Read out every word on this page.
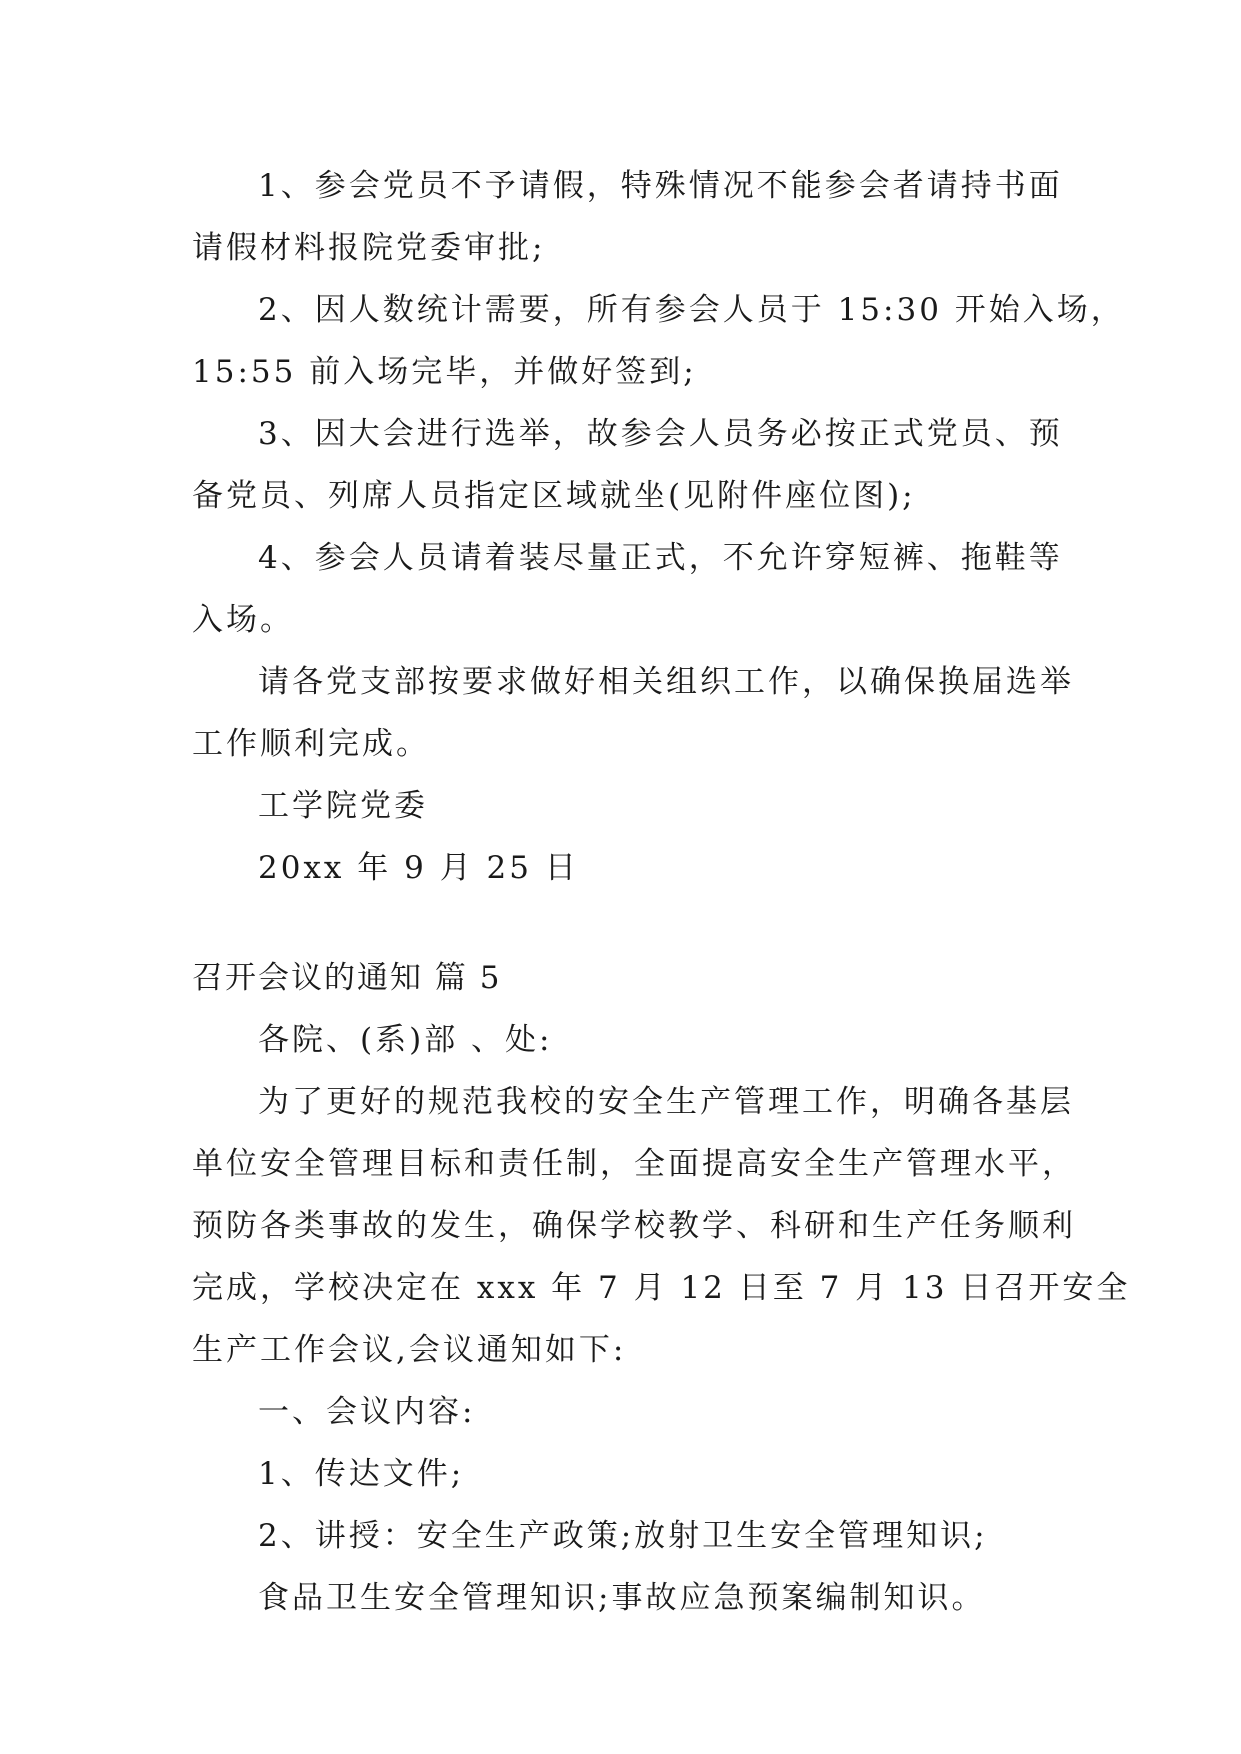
1、参会党员不予请假，特殊情况不能参会者请持书面
请假材料报院党委审批;
2、因人数统计需要，所有参会人员于 15:30 开始入场，
15:55 前入场完毕，并做好签到;
3、因大会进行选举，故参会人员务必按正式党员、预
备党员、列席人员指定区域就坐(见附件座位图);
4、参会人员请着装尽量正式，不允许穿短裤、拖鞋等
入场。
请各党支部按要求做好相关组织工作，以确保换届选举
工作顺利完成。
工学院党委
20xx 年 9 月 25 日
召开会议的通知 篇 5
各院、(系)部 、处:
为了更好的规范我校的安全生产管理工作，明确各基层
单位安全管理目标和责任制，全面提高安全生产管理水平，
预防各类事故的发生，确保学校教学、科研和生产任务顺利
完成，学校决定在 xxx 年 7 月 12 日至 7 月 13 日召开安全
生产工作会议,会议通知如下:
一、会议内容:
1、传达文件;
2、讲授：安全生产政策;放射卫生安全管理知识;
食品卫生安全管理知识;事故应急预案编制知识。
